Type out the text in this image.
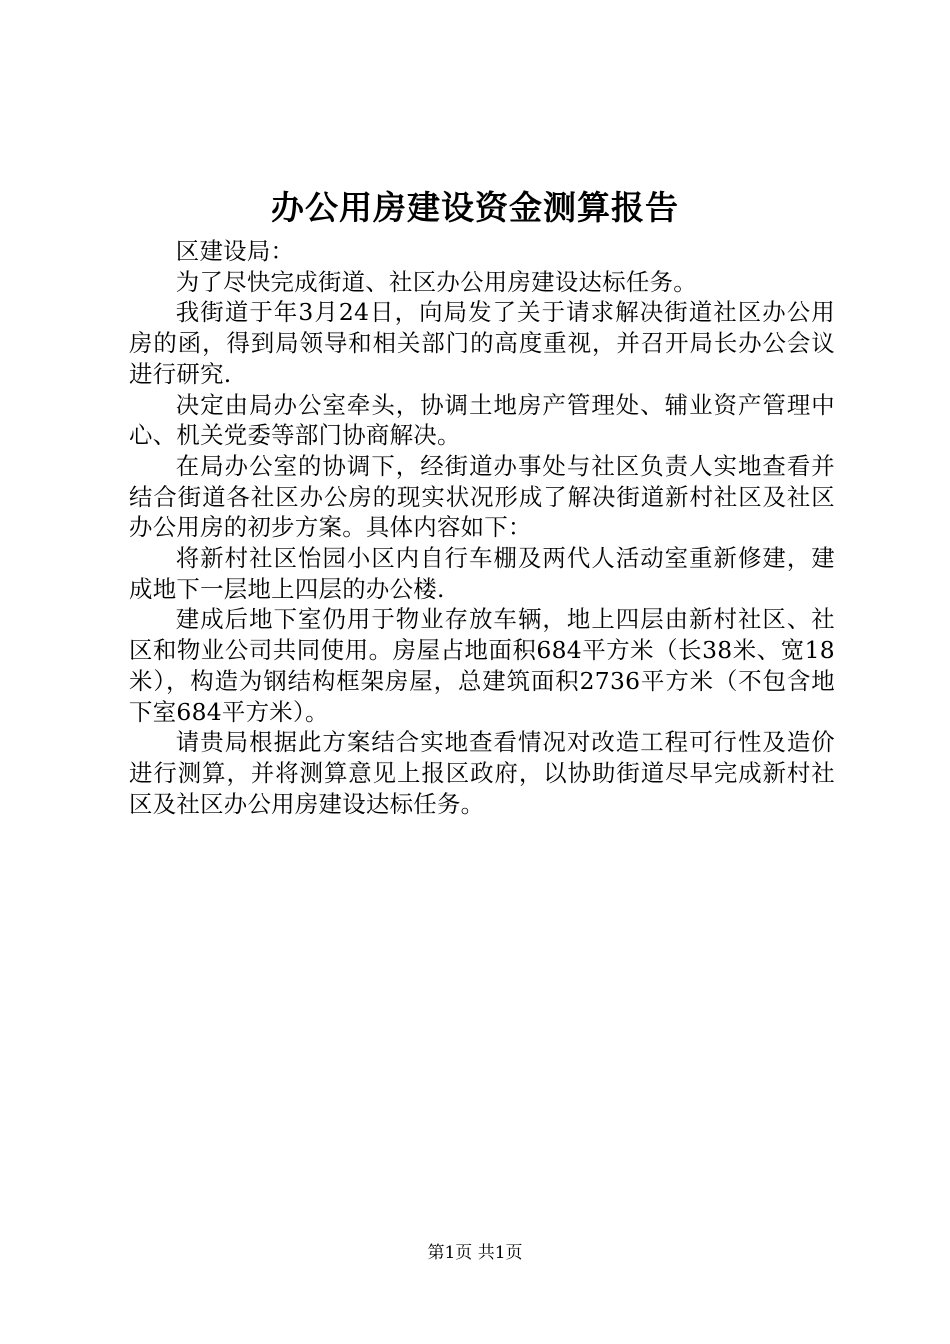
办公用房建设资金测算报告

区建设局：

为了尽快完成街道、社区办公用房建设达标任务。

我街道于年3月24日，向局发了关于请求解决街道社区办公用房的函，得到局领导和相关部门的高度重视，并召开局长办公会议进行研究.

决定由局办公室牵头，协调土地房产管理处、辅业资产管理中心、机关党委等部门协商解决。

在局办公室的协调下，经街道办事处与社区负责人实地查看并结合街道各社区办公房的现实状况形成了解决街道新村社区及社区办公用房的初步方案。具体内容如下：

将新村社区怡园小区内自行车棚及两代人活动室重新修建，建成地下一层地上四层的办公楼.

建成后地下室仍用于物业存放车辆，地上四层由新村社区、社区和物业公司共同使用。房屋占地面积684平方米（长38米、宽18米），构造为钢结构框架房屋，总建筑面积2736平方米（不包含地下室684平方米）。

请贵局根据此方案结合实地查看情况对改造工程可行性及造价进行测算，并将测算意见上报区政府，以协助街道尽早完成新村社区及社区办公用房建设达标任务。

第1页 共1页
